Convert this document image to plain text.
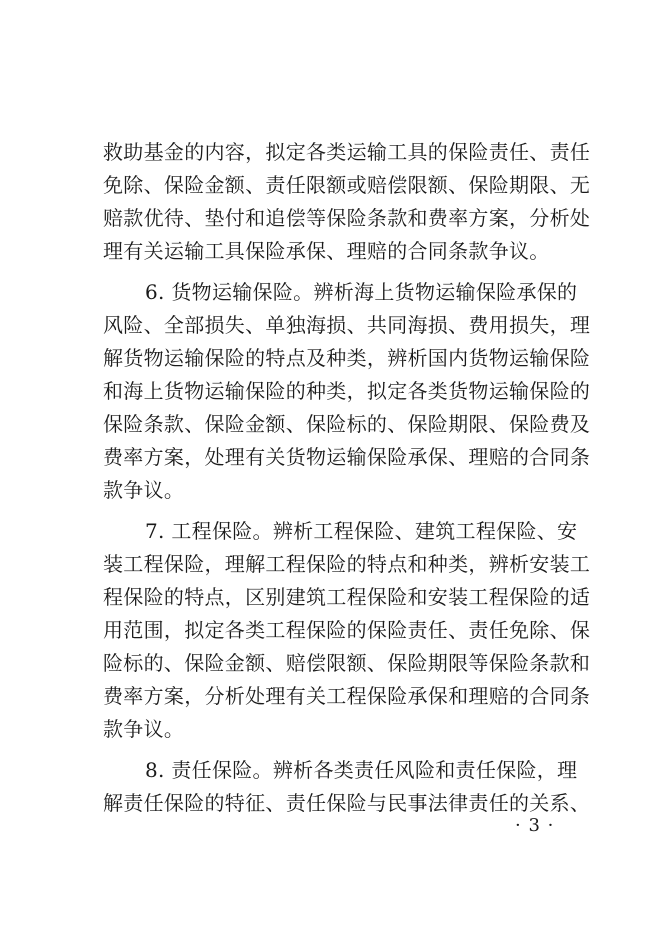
救助基金的内容，拟定各类运输工具的保险责任、责任
免除、保险金额、责任限额或赔偿限额、保险期限、无
赔款优待、垫付和追偿等保险条款和费率方案，分析处
理有关运输工具保险承保、理赔的合同条款争议。
6. 货物运输保险。辨析海上货物运输保险承保的
风险、全部损失、单独海损、共同海损、费用损失，理
解货物运输保险的特点及种类，辨析国内货物运输保险
和海上货物运输保险的种类，拟定各类货物运输保险的
保险条款、保险金额、保险标的、保险期限、保险费及
费率方案，处理有关货物运输保险承保、理赔的合同条
款争议。
7. 工程保险。辨析工程保险、建筑工程保险、安
装工程保险，理解工程保险的特点和种类，辨析安装工
程保险的特点，区别建筑工程保险和安装工程保险的适
用范围，拟定各类工程保险的保险责任、责任免除、保
险标的、保险金额、赔偿限额、保险期限等保险条款和
费率方案，分析处理有关工程保险承保和理赔的合同条
款争议。
8. 责任保险。辨析各类责任风险和责任保险，理
解责任保险的特征、责任保险与民事法律责任的关系、
· 3 ·
